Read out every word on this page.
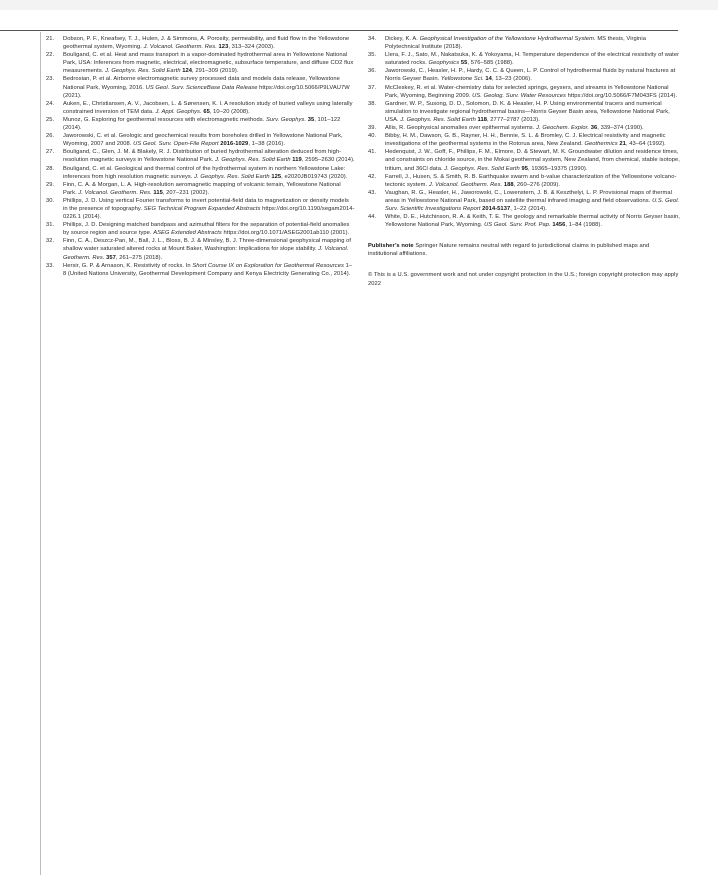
21. Dobson, P. F., Kneafsey, T. J., Hulen, J. & Simmons, A. Porosity, permeability, and fluid flow in the Yellowstone geothermal system, Wyoming. J. Volcanol. Geotherm. Res. 123, 313–324 (2003).
22. Bouligand, C. et al. Heat and mass transport in a vapor-dominated hydrothermal area in Yellowstone National Park, USA: Inferences from magnetic, electrical, electromagnetic, subsurface temperature, and diffuse CO2 flux measurements. J. Geophys. Res. Solid Earth 124, 291–309 (2019).
23. Bedrosian, P. et al. Airborne electromagnetic survey processed data and models data release, Yellowstone National Park, Wyoming, 2016. US Geol. Surv. ScienceBase Data Release https://doi.org/10.5066/P9LVAU7W (2021).
24. Auken, E., Christiansen, A. V., Jacobsen, L. & Sørensen, K. I. A resolution study of buried valleys using laterally constrained inversion of TEM data. J. Appl. Geophys. 65, 10–20 (2008).
25. Munoz, G. Exploring for geothermal resources with electromagnetic methods. Surv. Geophys. 35, 101–122 (2014).
26. Jaworowski, C. et al. Geologic and geochemical results from boreholes drilled in Yellowstone National Park, Wyoming, 2007 and 2008. US Geol. Surv. Open-File Report 2016-1029, 1–38 (2016).
27. Bouligand, C., Glen, J. M. & Blakely, R. J. Distribution of buried hydrothermal alteration deduced from high-resolution magnetic surveys in Yellowstone National Park. J. Geophys. Res. Solid Earth 119, 2595–2630 (2014).
28. Bouligand, C. et al. Geological and thermal control of the hydrothermal system in northern Yellowstone Lake: inferences from high resolution magnetic surveys. J. Geophys. Res. Solid Earth 125, e2020JB019743 (2020).
29. Finn, C. A. & Morgan, L. A. High-resolution aeromagnetic mapping of volcanic terrain, Yellowstone National Park. J. Volcanol. Geotherm. Res. 115, 207–231 (2002).
30. Phillips, J. D. Using vertical Fourier transforms to invert potential-field data to magnetization or density models in the presence of topography. SEG Technical Program Expanded Abstracts https://doi.org/10.1190/segam2014-0226.1 (2014).
31. Phillips, J. D. Designing matched bandpass and azimuthal filters for the separation of potential-field anomalies by source region and source type. ASEG Extended Abstracts https://doi.org/10.1071/ASEG2001ab110 (2001).
32. Finn, C. A., Deszcz-Pan, M., Ball, J. L., Bloss, B. J. & Minsley, B. J. Three-dimensional geophysical mapping of shallow water saturated altered rocks at Mount Baker, Washington: Implications for slope stability. J. Volcanol. Geotherm. Res. 357, 261–275 (2018).
33. Hersir, G. P. & Arnason, K. Resistivity of rocks. In Short Course IX on Exploration for Geothermal Resources 1–8 (United Nations University, Geothermal Development Company and Kenya Electricity Generating Co., 2014).
34. Dickey, K. A. Geophysical Investigation of the Yellowstone Hydrothermal System. MS thesis, Virginia Polytechnical Institute (2018).
35. Llera, F. J., Sato, M., Nakatsuka, K. & Yokoyama, H. Temperature dependence of the electrical resistivity of water saturated rocks. Geophysics 55, 576–585 (1988).
36. Jaworowski, C., Heasler, H. P., Hardy, C. C. & Queen, L. P. Control of hydrothermal fluids by natural fractures at Norris Geyser Basin. Yellowstone Sci. 14, 13–23 (2006).
37. McCleskey, R. et al. Water-chemistry data for selected springs, geysers, and streams in Yellowstone National Park, Wyoming, Beginning 2009. US. Geolog. Surv. Water Resources https://doi.org/10.5066/F7M043FS (2014).
38. Gardner, W. P., Susong, D. D., Solomon, D. K. & Heasler, H. P. Using environmental tracers and numerical simulation to investigate regional hydrothermal basins—Norris Geyser Basin area, Yellowstone National Park, USA. J. Geophys. Res. Solid Earth 118, 2777–2787 (2013).
39. Allis, R. Geophysical anomalies over epithermal systems. J. Geochem. Explor. 36, 339–374 (1990).
40. Bibby, H. M., Dawson, G. B., Rayner, H. H., Bennie, S. L. & Bromley, C. J. Electrical resistivity and magnetic investigations of the geothermal systems in the Rotorua area, New Zealand. Geothermics 21, 43–64 (1992).
41. Hedenquist, J. W., Goff, F., Phillips, F. M., Elmore, D. & Stewart, M. K. Groundwater dilution and residence times, and constraints on chloride source, in the Mokai geothermal system, New Zealand, from chemical, stable isotope, tritium, and 36Cl data. J. Geophys. Res. Solid Earth 95, 19365–19375 (1990).
42. Farrell, J., Husen, S. & Smith, R. B. Earthquake swarm and b-value characterization of the Yellowstone volcano-tectonic system. J. Volcanol. Geotherm. Res. 188, 260–276 (2009).
43. Vaughan, R. G., Heasler, H., Jaworowski, C., Lowenstern, J. B. & Keszthelyi, L. P. Provisional maps of thermal areas in Yellowstone National Park, based on satellite thermal infrared imaging and field observations. U.S. Geol. Surv. Scientific Investigations Report 2014-5137, 1–22 (2014).
44. White, D. E., Hutchinson, R. A. & Keith, T. E. The geology and remarkable thermal activity of Norris Geyser basin, Yellowstone National Park, Wyoming. US Geol. Surv. Prof. Pap. 1456, 1–84 (1988).
Publisher’s note Springer Nature remains neutral with regard to jurisdictional claims in published maps and institutional affiliations.
© This is a U.S. government work and not under copyright protection in the U.S.; foreign copyright protection may apply 2022
